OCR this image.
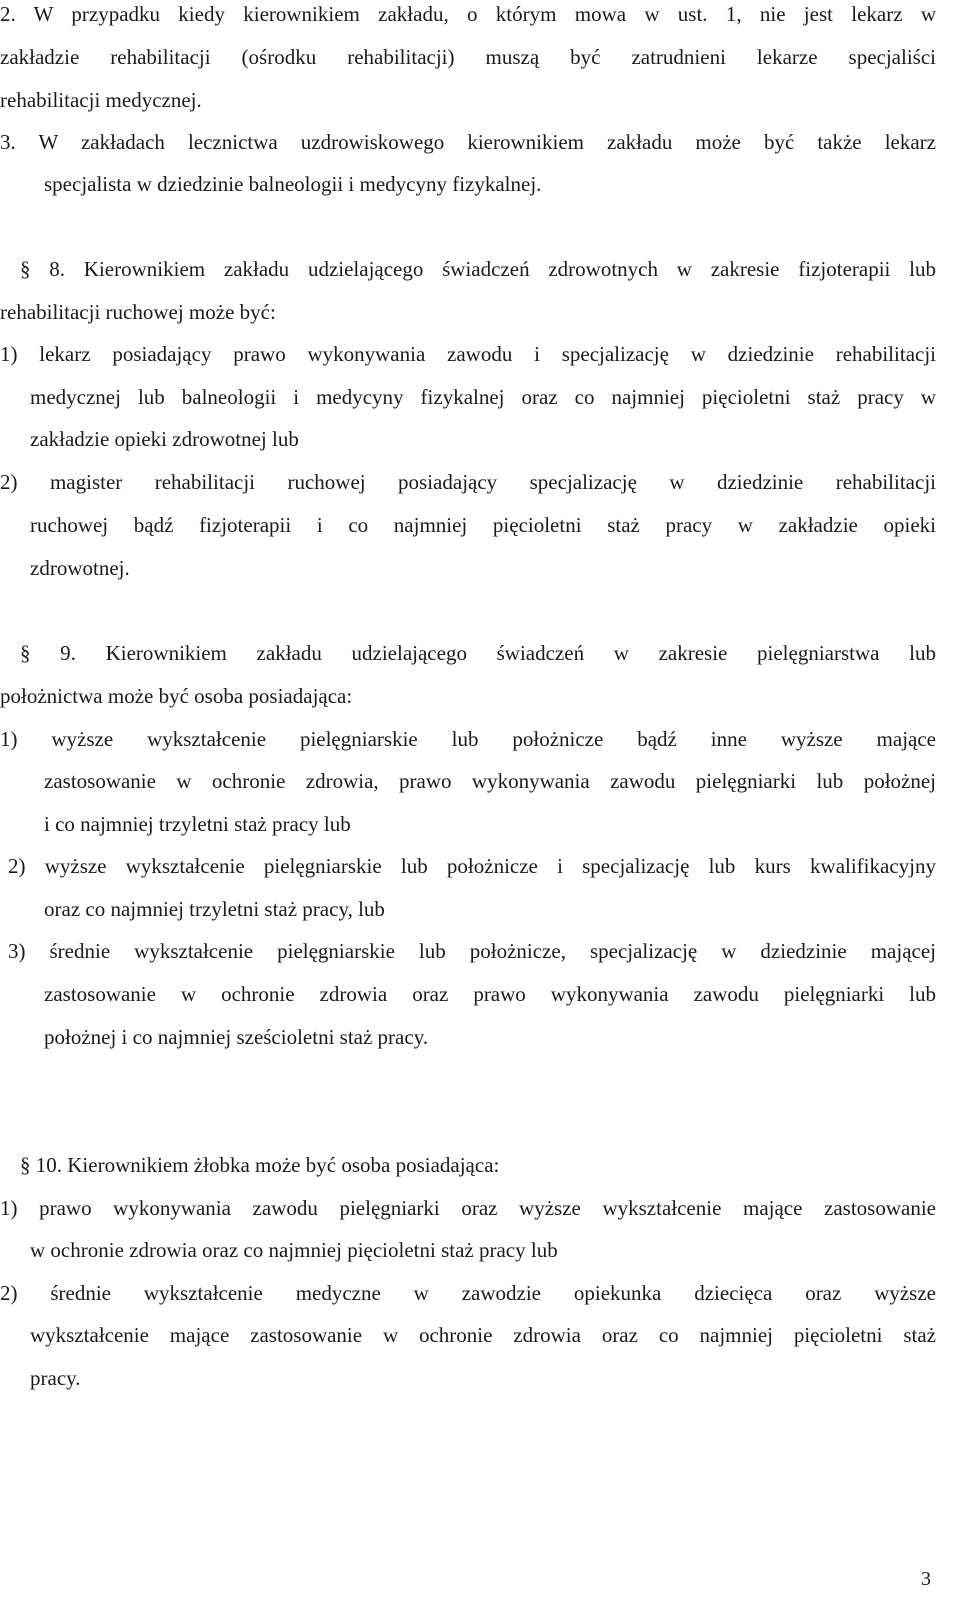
2. W przypadku kiedy kierownikiem zakładu, o którym mowa w ust. 1, nie jest lekarz w
zakładzie rehabilitacji (ośrodku rehabilitacji) muszą być zatrudnieni lekarze specjaliści
rehabilitacji medycznej.
3. W zakładach lecznictwa uzdrowiskowego kierownikiem zakładu może być także lekarz
specjalista w dziedzinie balneologii i medycyny fizykalnej.
§ 8. Kierownikiem zakładu udzielającego świadczeń zdrowotnych w zakresie fizjoterapii lub
rehabilitacji ruchowej może być:
1) lekarz posiadający prawo wykonywania zawodu i specjalizację w dziedzinie rehabilitacji
medycznej lub balneologii i medycyny fizykalnej oraz co najmniej pięcioletni staż pracy w
zakładzie opieki zdrowotnej lub
2) magister rehabilitacji ruchowej posiadający specjalizację w dziedzinie rehabilitacji
ruchowej bądź fizjoterapii i co najmniej pięcioletni staż pracy w zakładzie opieki
zdrowotnej.
§ 9. Kierownikiem zakładu udzielającego świadczeń w zakresie pielęgniarstwa lub
położnictwa może być osoba posiadająca:
1) wyższe wykształcenie pielęgniarskie lub położnicze bądź inne wyższe mające
zastosowanie w ochronie zdrowia, prawo wykonywania zawodu pielęgniarki lub położnej
i co najmniej trzyletni staż pracy lub
2) wyższe wykształcenie pielęgniarskie lub położnicze i specjalizację lub kurs kwalifikacyjny
oraz co najmniej trzyletni staż pracy, lub
3) średnie wykształcenie pielęgniarskie lub położnicze, specjalizację w dziedzinie mającej
zastosowanie w ochronie zdrowia oraz prawo wykonywania zawodu pielęgniarki lub
położnej i co najmniej sześcioletni staż pracy.
§ 10. Kierownikiem żłobka może być osoba posiadająca:
1) prawo wykonywania zawodu pielęgniarki oraz wyższe wykształcenie mające zastosowanie
w ochronie zdrowia oraz co najmniej pięcioletni staż pracy lub
2) średnie wykształcenie medyczne w zawodzie opiekunka dziecięca oraz wyższe
wykształcenie mające zastosowanie w ochronie zdrowia oraz co najmniej pięcioletni staż
pracy.
3
